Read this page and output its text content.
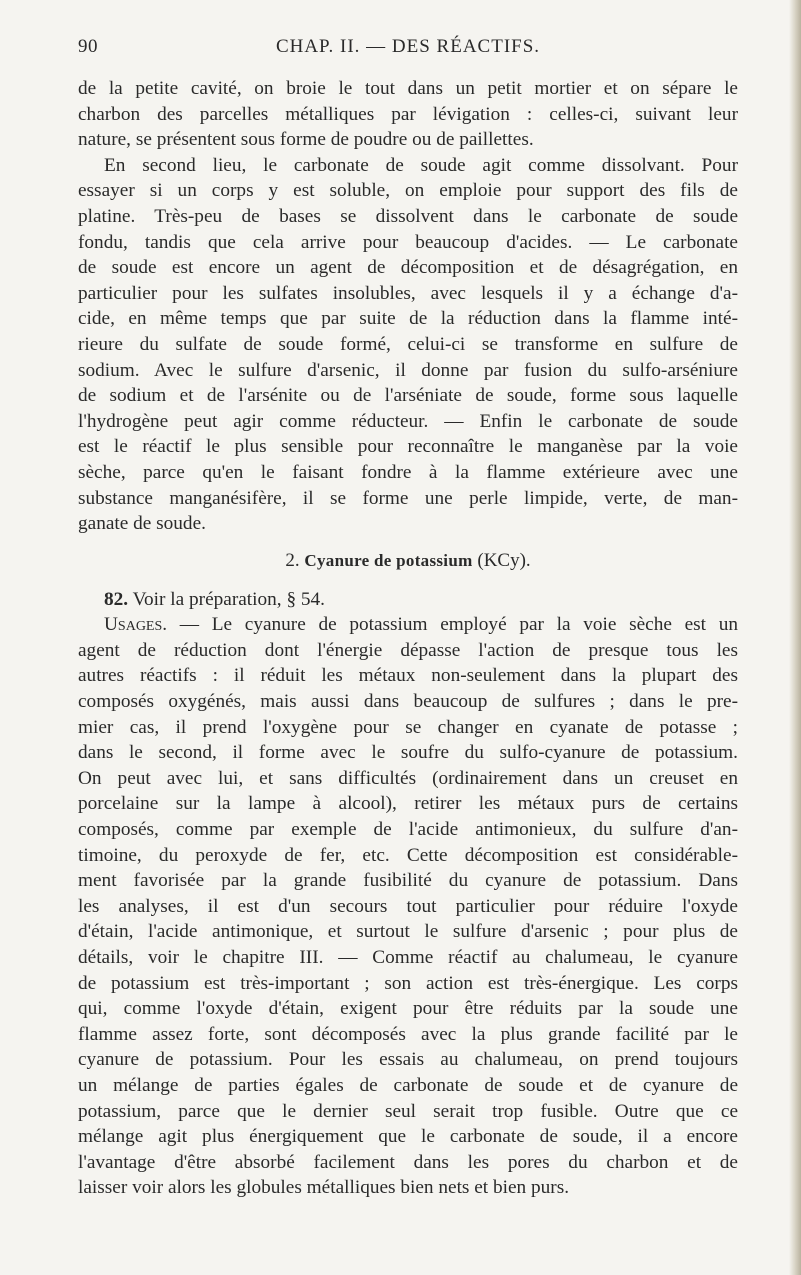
90	CHAP. II. — DES RÉACTIFS.
de la petite cavité, on broie le tout dans un petit mortier et on sépare le
charbon des parcelles métalliques par lévigation : celles-ci, suivant leur
nature, se présentent sous forme de poudre ou de paillettes.
En second lieu, le carbonate de soude agit comme dissolvant. Pour
essayer si un corps y est soluble, on emploie pour support des fils de
platine. Très-peu de bases se dissolvent dans le carbonate de soude
fondu, tandis que cela arrive pour beaucoup d'acides. — Le carbonate
de soude est encore un agent de décomposition et de désagrégation, en
particulier pour les sulfates insolubles, avec lesquels il y a échange d'a-
cide, en même temps que par suite de la réduction dans la flamme inté-
rieure du sulfate de soude formé, celui-ci se transforme en sulfure de
sodium. Avec le sulfure d'arsenic, il donne par fusion du sulfo-arséniure
de sodium et de l'arsénite ou de l'arséniate de soude, forme sous laquelle
l'hydrogène peut agir comme réducteur. — Enfin le carbonate de soude
est le réactif le plus sensible pour reconnaître le manganèse par la voie
sèche, parce qu'en le faisant fondre à la flamme extérieure avec une
substance manganésifère, il se forme une perle limpide, verte, de man-
ganate de soude.
2. Cyanure de potassium (KCy).
82. Voir la préparation, § 54.
Usages. — Le cyanure de potassium employé par la voie sèche est un
agent de réduction dont l'énergie dépasse l'action de presque tous les
autres réactifs : il réduit les métaux non-seulement dans la plupart des
composés oxygénés, mais aussi dans beaucoup de sulfures ; dans le pre-
mier cas, il prend l'oxygène pour se changer en cyanate de potasse ;
dans le second, il forme avec le soufre du sulfo-cyanure de potassium.
On peut avec lui, et sans difficultés (ordinairement dans un creuset en
porcelaine sur la lampe à alcool), retirer les métaux purs de certains
composés, comme par exemple de l'acide antimonieux, du sulfure d'an-
timoine, du peroxyde de fer, etc. Cette décomposition est considérable-
ment favorisée par la grande fusibilité du cyanure de potassium. Dans
les analyses, il est d'un secours tout particulier pour réduire l'oxyde
d'étain, l'acide antimonique, et surtout le sulfure d'arsenic ; pour plus de
détails, voir le chapitre III. — Comme réactif au chalumeau, le cyanure
de potassium est très-important ; son action est très-énergique. Les corps
qui, comme l'oxyde d'étain, exigent pour être réduits par la soude une
flamme assez forte, sont décomposés avec la plus grande facilité par le
cyanure de potassium. Pour les essais au chalumeau, on prend toujours
un mélange de parties égales de carbonate de soude et de cyanure de
potassium, parce que le dernier seul serait trop fusible. Outre que ce
mélange agit plus énergiquement que le carbonate de soude, il a encore
l'avantage d'être absorbé facilement dans les pores du charbon et de
laisser voir alors les globules métalliques bien nets et bien purs.
